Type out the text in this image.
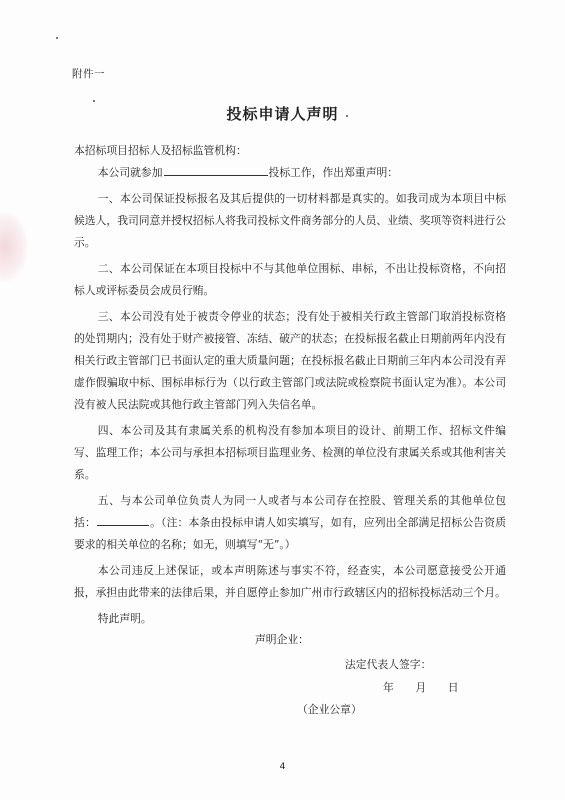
附件一
投标申请人声明

本招标项目招标人及招标监管机构：

本公司就参加	投标工作，作出郑重声明：

一、本公司保证投标报名及其后提供的一切材料都是真实的。如我司成为本项目中标候选人，我司同意并授权招标人将我司投标文件商务部分的人员、业绩、奖项等资料进行公示。

二、本公司保证在本项目投标中不与其他单位围标、串标，不出让投标资格，不向招标人或评标委员会成员行贿。

三、本公司没有处于被责令停业的状态；没有处于被相关行政主管部门取消投标资格的处罚期内；没有处于财产被接管、冻结、破产的状态；在投标报名截止日期前两年内没有相关行政主管部门已书面认定的重大质量问题；在投标报名截止日期前三年内本公司没有弄虚作假骗取中标、围标串标行为（以行政主管部门或法院或检察院书面认定为准）。本公司没有被人民法院或其他行政主管部门列入失信名单。

四、本公司及其有隶属关系的机构没有参加本项目的设计、前期工作、招标文件编写、监理工作；本公司与承担本招标项目监理业务、检测的单位没有隶属关系或其他利害关系。

五、与本公司单位负责人为同一人或者与本公司存在控股、管理关系的其他单位包括：	。（注：本条由投标申请人如实填写，如有，应列出全部满足招标公告资质要求的相关单位的名称；如无，则填写“无”。）

本公司违反上述保证，或本声明陈述与事实不符，经查实，本公司愿意接受公开通报，承担由此带来的法律后果，并自愿停止参加广州市行政辖区内的招标投标活动三个月。

特此声明。

声明企业：
法定代表人签字：
年　　月　　日
（企业公章）
4
